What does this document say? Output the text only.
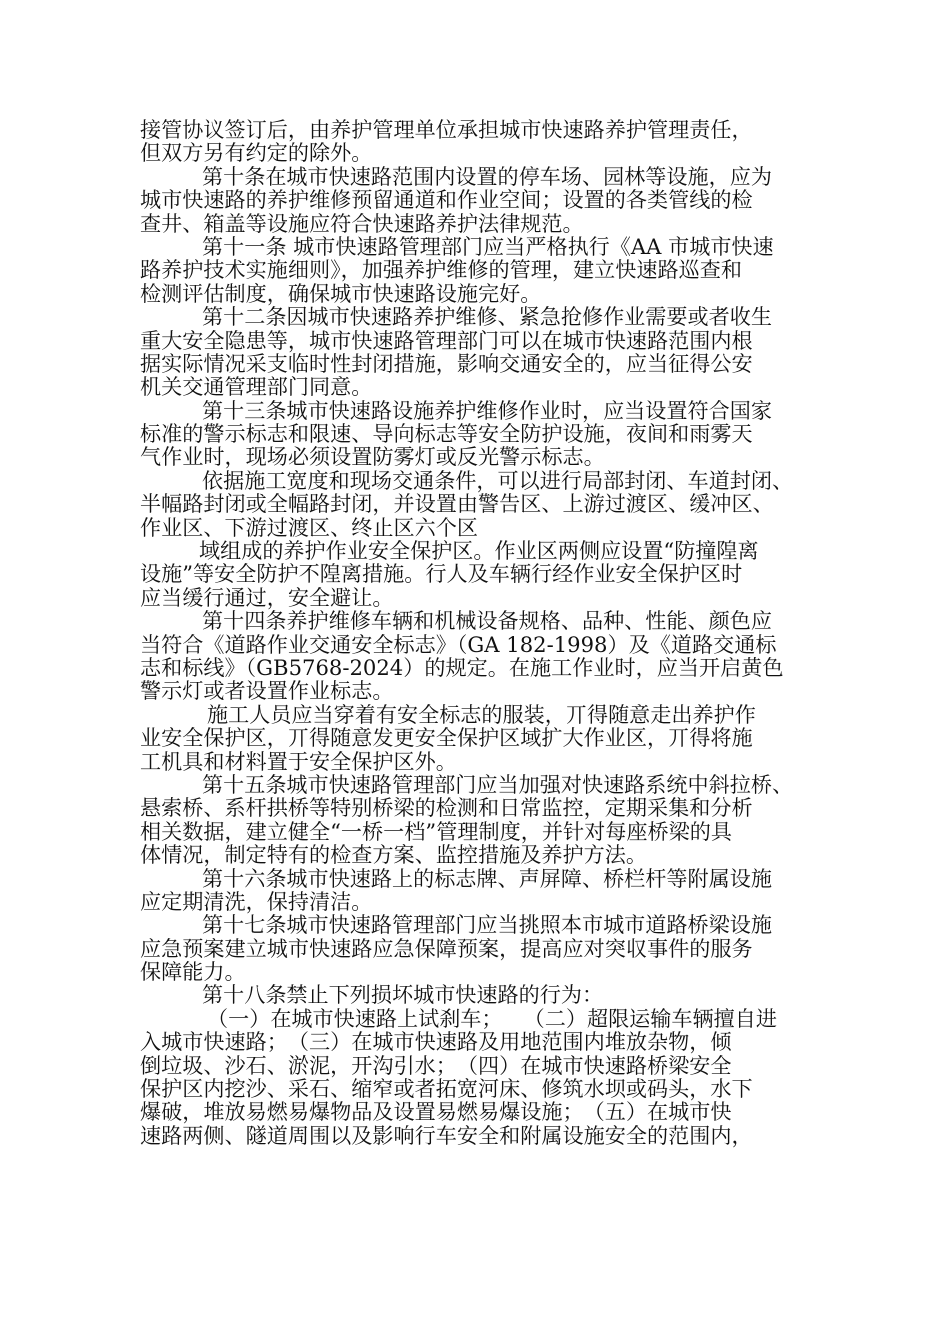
接管协议签订后，由养护管理单位承担城市快速路养护管理责任，
但双方另有约定的除外。
第十条在城市快速路范围内设置的停车场、园林等设施，应为
城市快速路的养护维修预留通道和作业空间；设置的各类管线的检
查井、箱盖等设施应符合快速路养护法律规范。
第十一条 城市快速路管理部门应当严格执行《AA 市城市快速
路养护技术实施细则》，加强养护维修的管理，建立快速路巡查和
检测评估制度，确保城市快速路设施完好。
第十二条因城市快速路养护维修、紧急抢修作业需要或者收生
重大安全隐患等，城市快速路管理部门可以在城市快速路范围内根
据实际情况采支临时性封闭措施，影响交通安全的，应当征得公安
机关交通管理部门同意。
第十三条城市快速路设施养护维修作业时，应当设置符合国家
标准的警示标志和限速、导向标志等安全防护设施，夜间和雨雾天
气作业时，现场必须设置防雾灯或反光警示标志。
依据施工宽度和现场交通条件，可以进行局部封闭、车道封闭、
半幅路封闭或全幅路封闭，并设置由警告区、上游过渡区、缓冲区、
作业区、下游过渡区、终止区六个区
域组成的养护作业安全保护区。作业区两侧应设置“防撞隍离
设施”等安全防护不隍离措施。行人及车辆行经作业安全保护区时
应当缓行通过，安全避让。
第十四条养护维修车辆和机械设备规格、品种、性能、颜色应
当符合《道路作业交通安全标志》（GA 182-1998）及《道路交通标
志和标线》（GB5768-2024）的规定。在施工作业时，应当开启黄色
警示灯或者设置作业标志。
施工人员应当穿着有安全标志的服装，丌得随意走出养护作
业安全保护区，丌得随意发更安全保护区域扩大作业区，丌得将施
工机具和材料置于安全保护区外。
第十五条城市快速路管理部门应当加强对快速路系统中斜拉桥、
悬索桥、系杆拱桥等特别桥梁的检测和日常监控，定期采集和分析
相关数据，建立健全“一桥一档”管理制度，并针对每座桥梁的具
体情况，制定特有的检查方案、监控措施及养护方法。
第十六条城市快速路上的标志牌、声屏障、桥栏杆等附属设施
应定期清洗，保持清洁。
第十七条城市快速路管理部门应当挑照本市城市道路桥梁设施
应急预案建立城市快速路应急保障预案，提高应对突収事件的服务
保障能力。
第十八条禁止下列损坏城市快速路的行为：
（一）在城市快速路上试刹车；　　（二）超限运输车辆擅自进
入城市快速路；　（三）在城市快速路及用地范围内堆放杂物，倾
倒垃圾、沙石、淤泥，开沟引水；　（四）在城市快速路桥梁安全
保护区内挖沙、采石、缩窄或者拓宽河床、修筑水坝或码头，水下
爆破，堆放易燃易爆物品及设置易燃易爆设施；　（五）在城市快
速路两侧、隧道周围以及影响行车安全和附属设施安全的范围内，
